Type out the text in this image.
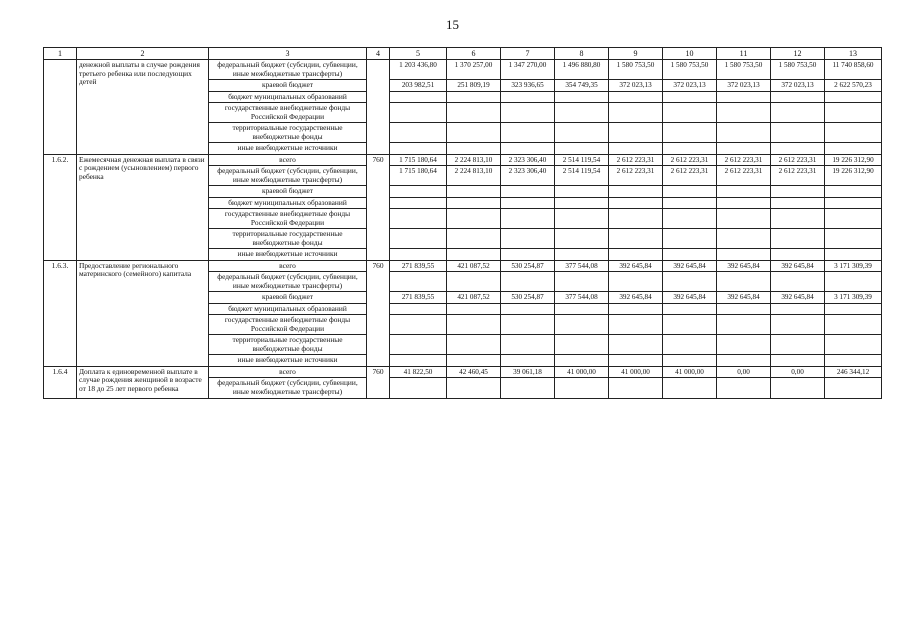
15
1	2	3	4	5	6	7	8	9	10	11	12	13
	денежной выплаты в случае рождения третьего ребенка или последующих детей	федеральный бюджет (субсидии, субвенции, иные межбюджетные трансферты)		1 203 436,80	1 370 257,00	1 347 270,00	1 496 880,80	1 580 753,50	1 580 753,50	1 580 753,50	1 580 753,50	11 740 858,60
		краевой бюджет		203 982,51	251 809,19	323 936,65	354 749,35	372 023,13	372 023,13	372 023,13	372 023,13	2 622 570,23
		бюджет муниципальных образований										
		государственные внебюджетные фонды Российской Федерации										
		территориальные государственные внебюджетные фонды										
		иные внебюджетные источники										
1.6.2.	Ежемесячная денежная выплата в связи с рождением (усыновлением) первого ребенка	всего	760	1 715 180,64	2 224 813,10	2 323 306,40	2 514 119,54	2 612 223,31	2 612 223,31	2 612 223,31	2 612 223,31	19 226 312,90
		федеральный бюджет (субсидии, субвенции, иные межбюджетные трансферты)		1 715 180,64	2 224 813,10	2 323 306,40	2 514 119,54	2 612 223,31	2 612 223,31	2 612 223,31	2 612 223,31	19 226 312,90
		краевой бюджет										
		бюджет муниципальных образований										
		государственные внебюджетные фонды Российской Федерации										
		территориальные государственные внебюджетные фонды										
		иные внебюджетные источники										
1.6.3.	Предоставление регионального материнского (семейного) капитала	всего	760	271 839,55	421 087,52	530 254,87	377 544,08	392 645,84	392 645,84	392 645,84	392 645,84	3 171 309,39
		федеральный бюджет (субсидии, субвенции, иные межбюджетные трансферты)										
		краевой бюджет		271 839,55	421 087,52	530 254,87	377 544,08	392 645,84	392 645,84	392 645,84	392 645,84	3 171 309,39
		бюджет муниципальных образований										
		государственные внебюджетные фонды Российской Федерации										
		территориальные государственные внебюджетные фонды										
		иные внебюджетные источники										
1.6.4	Доплата к единовременной выплате в случае рождения женщиной в возрасте от 18 до 25 лет первого ребенка	всего	760	41 822,50	42 460,45	39 061,18	41 000,00	41 000,00	41 000,00	0,00	0,00	246 344,12
		федеральный бюджет (субсидии, субвенции, иные межбюджетные трансферты)										
